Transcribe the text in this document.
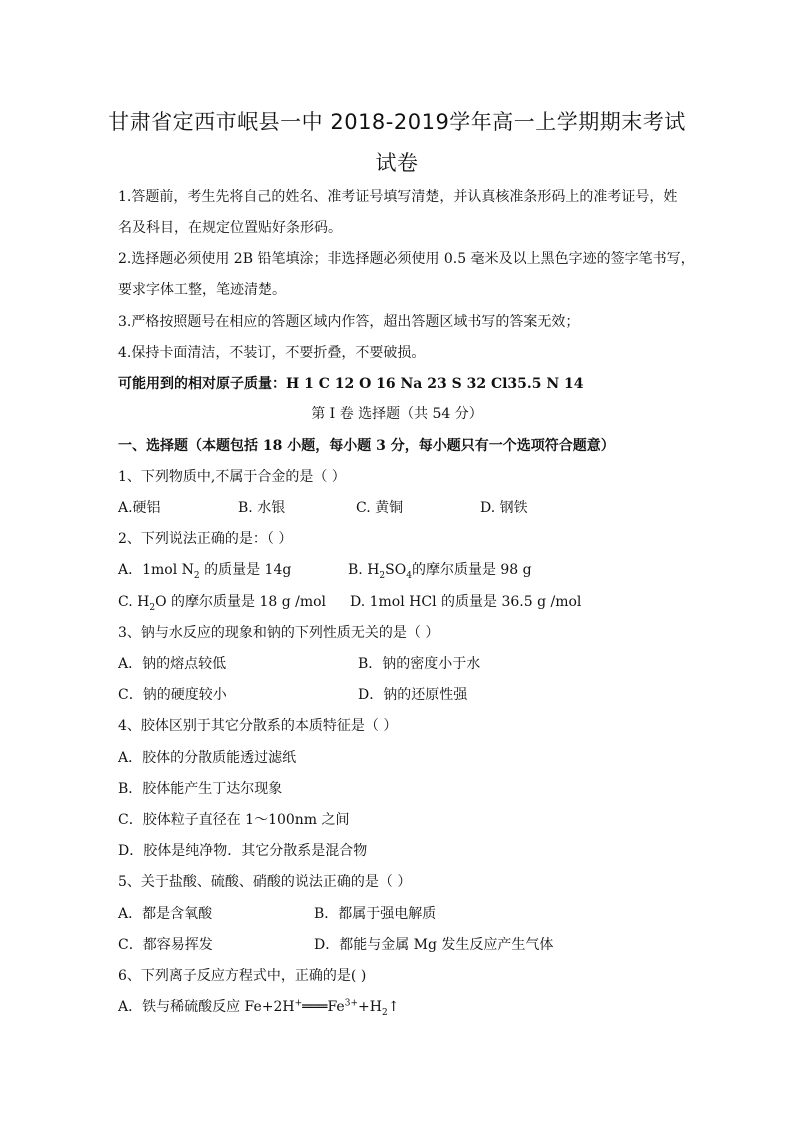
甘肃省定西市岷县一中 2018-2019学年高一上学期期末考试
试卷
1.答题前，考生先将自己的姓名、准考证号填写清楚，并认真核准条形码上的准考证号，姓
名及科目，在规定位置贴好条形码。
2.选择题必须使用 2B 铅笔填涂；非选择题必须使用 0.5 毫米及以上黑色字迹的签字笔书写，
要求字体工整，笔迹清楚。
3.严格按照题号在相应的答题区域内作答，超出答题区域书写的答案无效；
4.保持卡面清洁，不装订，不要折叠，不要破损。
可能用到的相对原子质量：H 1 C 12 O 16 Na 23 S 32 Cl35.5 N 14
第 Ⅰ 卷 选择题（共 54 分）
一、选择题（本题包括 18 小题，每小题 3 分，每小题只有一个选项符合题意）
1、下列物质中,不属于合金的是（ ）
A.硬铝	B. 水银	C. 黄铜	D. 钢铁
2、下列说法正确的是：（ ）
A．1mol $N_2$ 的质量是 14g	B. $H_2SO_4$的摩尔质量是 98 g
C. $H_2O$ 的摩尔质量是 18 g /mol D. 1mol HCl 的质量是 36.5 g /mol
3、钠与水反应的现象和钠的下列性质无关的是（ ）
A．钠的熔点较低	B．钠的密度小于水
C．钠的硬度较小	D．钠的还原性强
4、胶体区别于其它分散系的本质特征是（ ）
A．胶体的分散质能透过滤纸
B．胶体能产生丁达尔现象
C．胶体粒子直径在 1～100nm 之间
D．胶体是纯净物．其它分散系是混合物
5、关于盐酸、硫酸、硝酸的说法正确的是（ ）
A．都是含氧酸	B．都属于强电解质
C．都容易挥发	D．都能与金属 Mg 发生反应产生气体
6、下列离子反应方程式中，正确的是( )
A．铁与稀硫酸反应 $Fe+2H^+═══Fe^{3+}+H_2↑$
